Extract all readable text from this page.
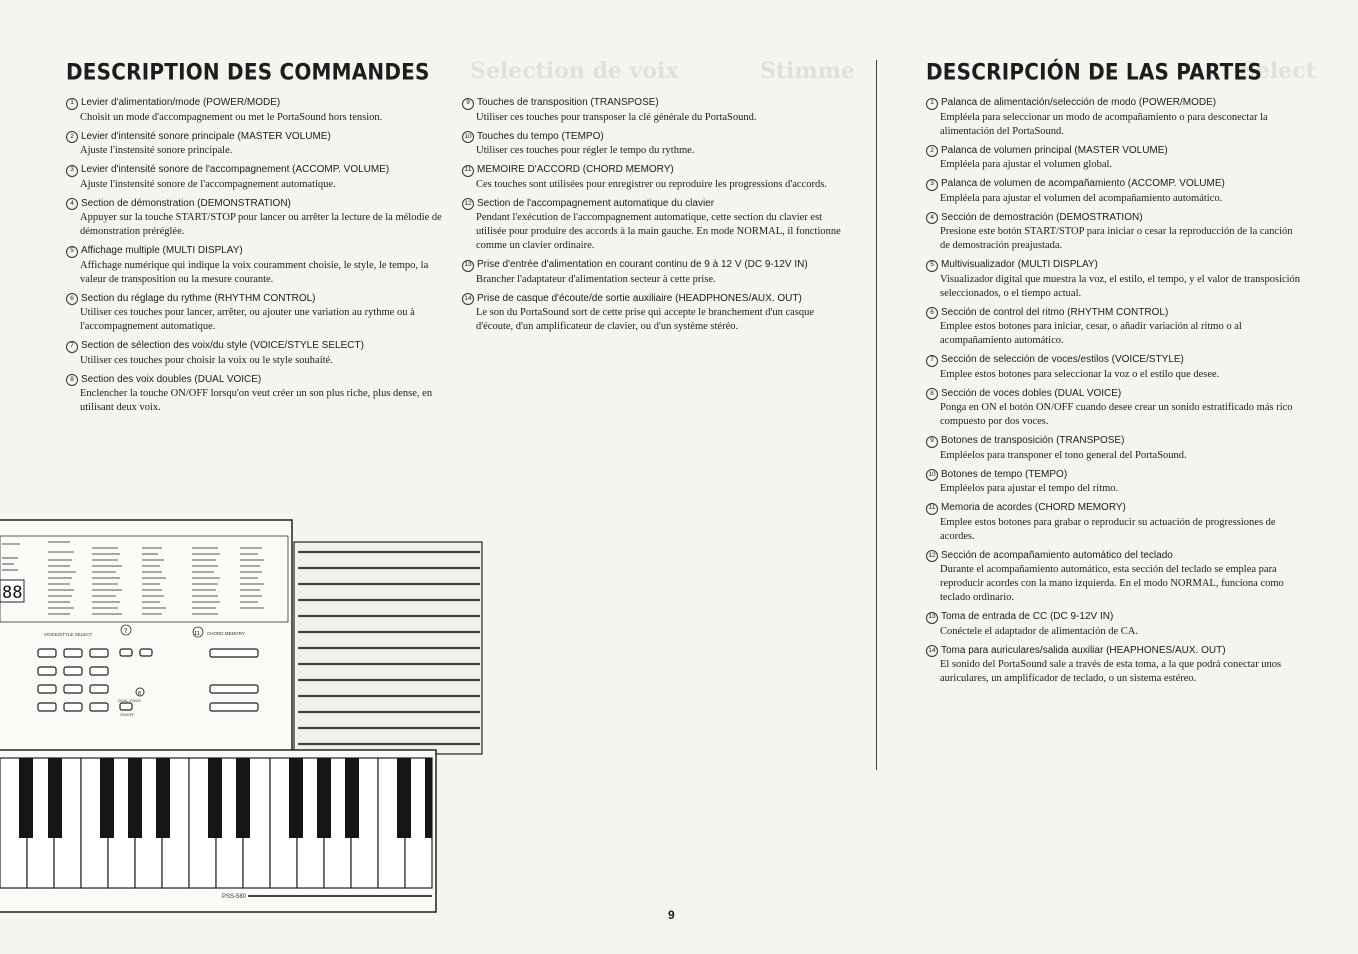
Selection de voix	Stimme	Select
DESCRIPTION DES COMMANDES
1 Levier d'alimentation/mode (POWER/MODE)
Choisit un mode d'accompagnement ou met le PortaSound hors tension.
2 Levier d'intensité sonore principale (MASTER VOLUME)
Ajuste l'instensité sonore principale.
3 Levier d'intensité sonore de l'accompagnement (ACCOMP. VOLUME)
Ajuste l'instensité sonore de l'accompagnement automatique.
4 Section de démonstration (DEMONSTRATION)
Appuyer sur la touche START/STOP pour lancer ou arrêter la lecture de la mélodie de démonstration préréglée.
5 Affichage multiple (MULTI DISPLAY)
Affichage numérique qui indique la voix couramment choisie, le style, le tempo, la valeur de transposition ou la mesure courante.
6 Section du réglage du rythme (RHYTHM CONTROL)
Utiliser ces touches pour lancer, arrêter, ou ajouter une variation au rythme ou à l'accompagnement automatique.
7 Section de sélection des voix/du style (VOICE/STYLE SELECT)
Utiliser ces touches pour choisir la voix ou le style souhaité.
8 Section des voix doubles (DUAL VOICE)
Enclencher la touche ON/OFF lorsqu'on veut créer un son plus riche, plus dense, en utilisant deux voix.
9 Touches de transposition (TRANSPOSE)
Utiliser ces touches pour transposer la clé générale du PortaSound.
10 Touches du tempo (TEMPO)
Utiliser ces touches pour régler le tempo du rythme.
11 MEMOIRE D'ACCORD (CHORD MEMORY)
Ces touches sont utilisées pour enregistrer ou reproduire les progressions d'accords.
12 Section de l'accompagnement automatique du clavier
Pendant l'exécution de l'accompagnement automatique, cette section du clavier est utilisée pour produire des accords à la main gauche. En mode NORMAL, il fonctionne comme un clavier ordinaire.
13 Prise d'entrée d'alimentation en courant continu de 9 à 12 V (DC 9-12V IN)
Brancher l'adaptateur d'alimentation secteur à cette prise.
14 Prise de casque d'écoute/de sortie auxiliaire (HEADPHONES/AUX. OUT)
Le son du PortaSound sort de cette prise qui accepte le branchement d'un casque d'écoute, d'un amplificateur de clavier, ou d'un système stéréo.
DESCRIPCIÓN DE LAS PARTES
1 Palanca de alimentación/selección de modo (POWER/MODE)
Empléela para seleccionar un modo de acompañamiento o para desconectar la alimentación del PortaSound.
2 Palanca de volumen principal (MASTER VOLUME)
Empléela para ajustar el volumen global.
3 Palanca de volumen de acompañamiento (ACCOMP. VOLUME)
Empléela para ajustar el volumen del acompañamiento automático.
4 Sección de demostración (DEMOSTRATION)
Presione este botón START/STOP para iniciar o cesar la reproducción de la canción de demostración preajustada.
5 Multivisualizador (MULTI DISPLAY)
Visualizador digital que muestra la voz, el estilo, el tempo, y el valor de transposición seleccionados, o el tiempo actual.
6 Sección de control del ritmo (RHYTHM CONTROL)
Emplee estos botones para iniciar, cesar, o añadir variación al ritmo o al acompañamiento automático.
7 Sección de selección de voces/estilos (VOICE/STYLE)
Emplee estos botones para seleccionar la voz o el estilo que desee.
8 Sección de voces dobles (DUAL VOICE)
Ponga en ON el botón ON/OFF cuando desee crear un sonido estratificado más rico compuesto por dos voces.
9 Botones de transposición (TRANSPOSE)
Empléelos para transponer el tono general del PortaSound.
10 Botones de tempo (TEMPO)
Empléelos para ajustar el tempo del ritmo.
11 Memoria de acordes (CHORD MEMORY)
Emplee estos botones para grabar o reproducir su actuación de progressiones de acordes.
12 Sección de acompañamiento automático del teclado
Durante el acompañamiento automático, esta sección del teclado se emplea para reproducir acordes con la mano izquierda. En el modo NORMAL, funciona como teclado ordinario.
13 Toma de entrada de CC (DC 9-12V IN)
Conéctele el adaptador de alimentación de CA.
14 Toma para auriculares/salida auxiliar (HEAPHONES/AUX. OUT)
El sonido del PortaSound sale a través de esta toma, a la que podrá conectar unos auriculares, un amplificador de teclado, o un sistema estéreo.
88
VOICE/STYLE SELECT	7	11 CHORD MEMORY
8
DUAL VOICE
ON/OFF
PSS-580
9
